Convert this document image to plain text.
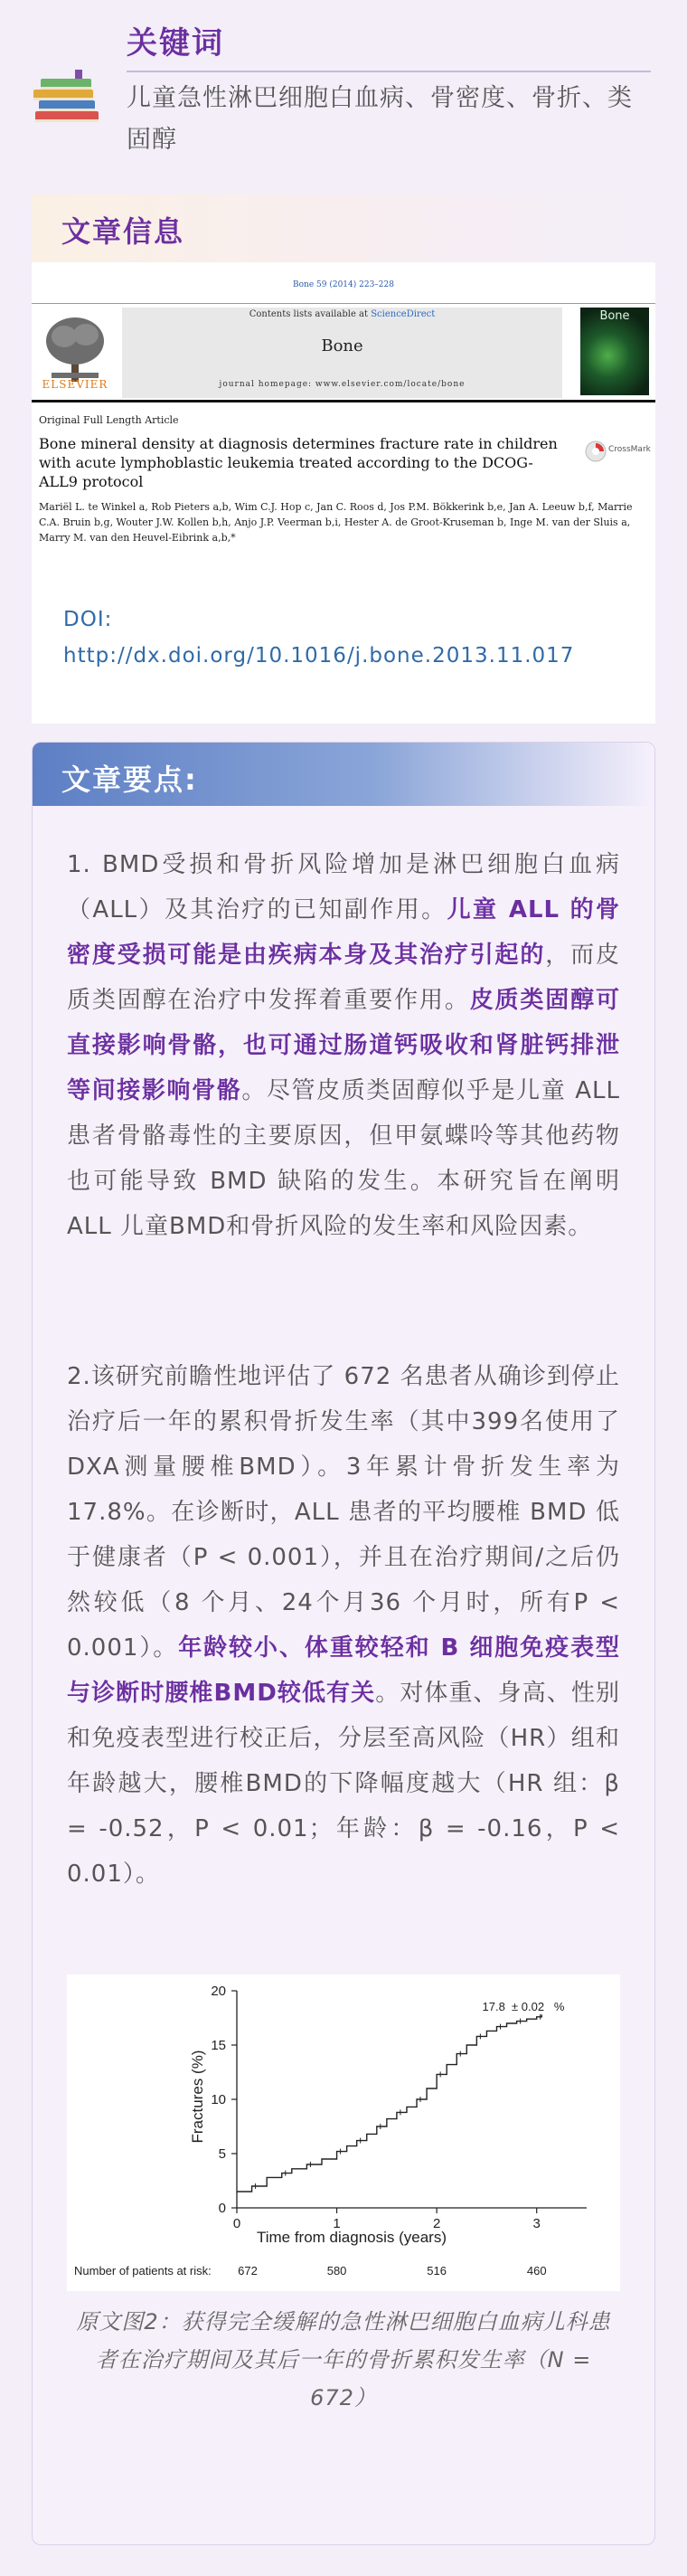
关键词
儿童急性淋巴细胞白血病、骨密度、骨折、类固醇
文章信息
Bone 59 (2014) 223–228
ELSEVIER
Contents lists available at ScienceDirect
Bone
journal homepage: www.elsevier.com/locate/bone
Bone
Original Full Length Article
Bone mineral density at diagnosis determines fracture rate in children with acute lymphoblastic leukemia treated according to the DCOG-ALL9 protocol
CrossMark
Mariël L. te Winkel a, Rob Pieters a,b, Wim C.J. Hop c, Jan C. Roos d, Jos P.M. Bökkerink b,e, Jan A. Leeuw b,f, Marrie C.A. Bruin b,g, Wouter J.W. Kollen b,h, Anjo J.P. Veerman b,i, Hester A. de Groot-Kruseman b, Inge M. van der Sluis a, Marry M. van den Heuvel-Eibrink a,b,*
DOI:
http://dx.doi.org/10.1016/j.bone.2013.11.017
文章要点:
1. BMD受损和骨折风险增加是淋巴细胞白血病（ALL）及其治疗的已知副作用。儿童 ALL 的骨密度受损可能是由疾病本身及其治疗引起的，而皮质类固醇在治疗中发挥着重要作用。皮质类固醇可直接影响骨骼，也可通过肠道钙吸收和肾脏钙排泄等间接影响骨骼。尽管皮质类固醇似乎是儿童 ALL 患者骨骼毒性的主要原因，但甲氨蝶呤等其他药物也可能导致 BMD 缺陷的发生。本研究旨在阐明 ALL 儿童BMD和骨折风险的发生率和风险因素。
2.该研究前瞻性地评估了 672 名患者从确诊到停止治疗后一年的累积骨折发生率（其中399名使用了DXA测量腰椎BMD）。3年累计骨折发生率为17.8%。在诊断时，ALL 患者的平均腰椎 BMD 低于健康者（P < 0.001），并且在治疗期间/之后仍然较低（8 个月、24个月36 个月时，所有P < 0.001）。年龄较小、体重较轻和 B 细胞免疫表型与诊断时腰椎BMD较低有关。对体重、身高、性别和免疫表型进行校正后，分层至高风险（HR）组和年龄越大，腰椎BMD的下降幅度越大（HR 组：β = -0.52，P < 0.01；年龄：β = -0.16，P < 0.01）。
0
5
10
15
20
0	1	2	3
672	580	516	460
Fractures (%)
Time from diagnosis (years)
17.8  ± 0.02   %
Number of patients at risk:
原文图2：获得完全缓解的急性淋巴细胞白血病儿科患者在治疗期间及其后一年的骨折累积发生率（N = 672）
